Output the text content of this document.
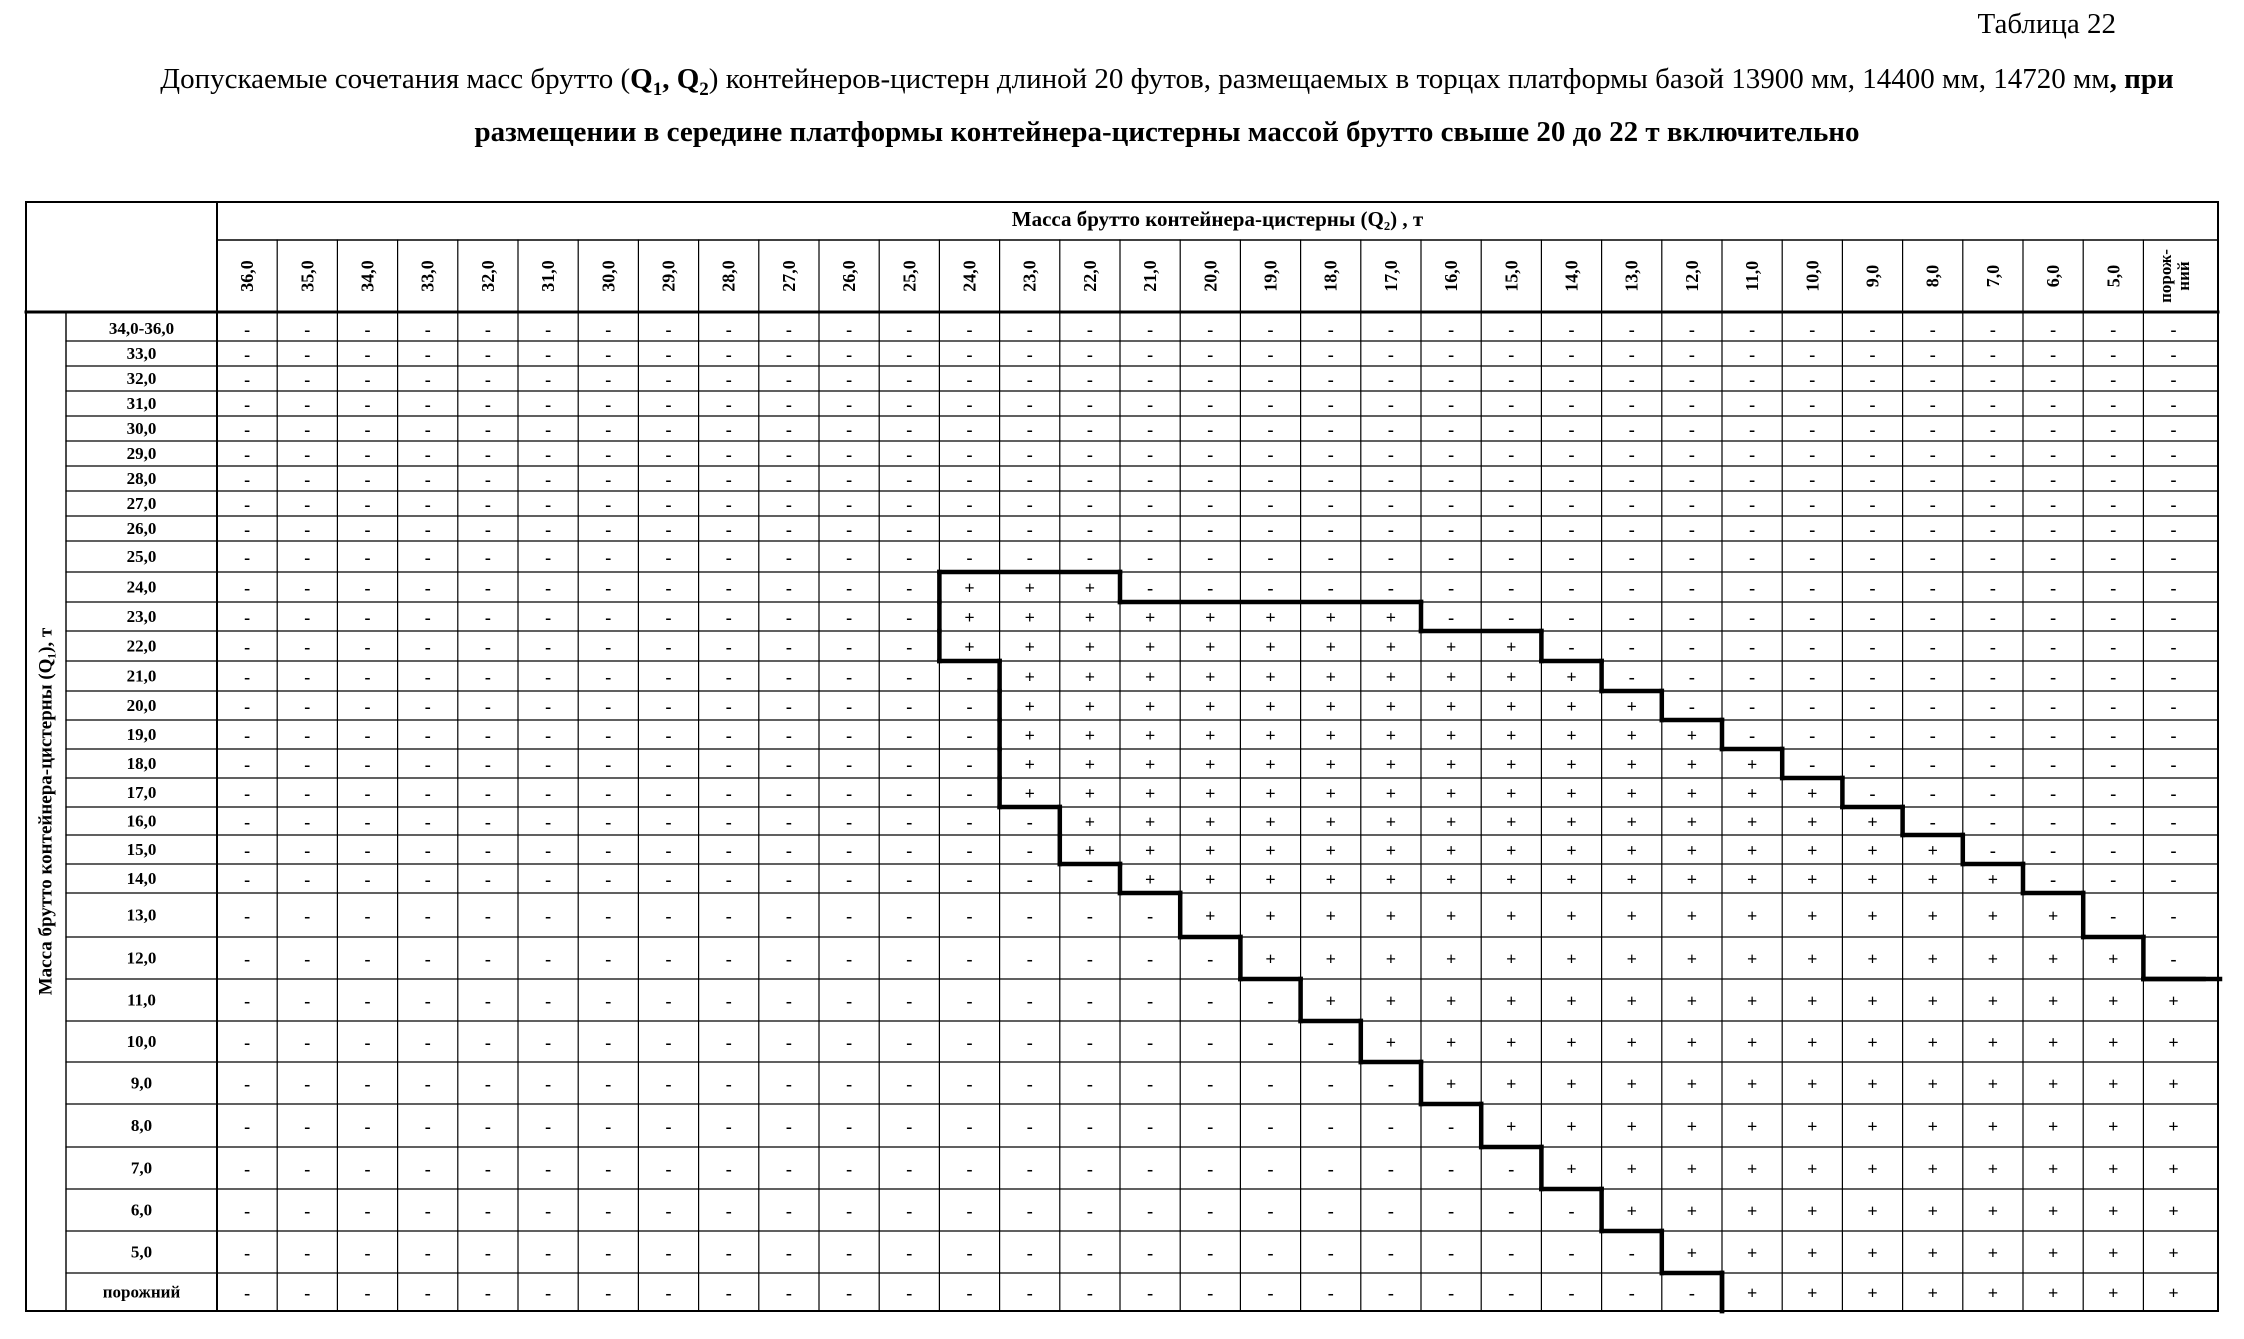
Таблица 22
Допускаемые сочетания масс брутто ($Q_1$, $Q_2$) контейнеров-цистерн длиной 20 футов, размещаемых в торцах платформы базой 13900 мм, 14400 мм, 14720 мм, при размещении в середине платформы контейнера-цистерны массой брутто свыше 20 до 22 т включительно
Масса брутто контейнера-цистерны (Q₂) , т
36,0 35,0 34,0 33,0 32,0 31,0 30,0 29,0 28,0 27,0 26,0 25,0 24,0 23,0 22,0 21,0 20,0 19,0 18,0 17,0 16,0 15,0 14,0 13,0 12,0 11,0 10,0 9,0 8,0 7,0 6,0 5,0 порож- ний
Масса брутто контейнера-цистерны (Q₁), т
34,0-36,0	-	-	-	-	-	-	-	-	-	-	-	-	-	-	-	-	-	-	-	-	-	-	-	-	-	-	-	-	-	-	-	-	-
33,0	-	-	-	-	-	-	-	-	-	-	-	-	-	-	-	-	-	-	-	-	-	-	-	-	-	-	-	-	-	-	-	-	-
32,0	-	-	-	-	-	-	-	-	-	-	-	-	-	-	-	-	-	-	-	-	-	-	-	-	-	-	-	-	-	-	-	-	-
31,0	-	-	-	-	-	-	-	-	-	-	-	-	-	-	-	-	-	-	-	-	-	-	-	-	-	-	-	-	-	-	-	-	-
30,0	-	-	-	-	-	-	-	-	-	-	-	-	-	-	-	-	-	-	-	-	-	-	-	-	-	-	-	-	-	-	-	-	-
29,0	-	-	-	-	-	-	-	-	-	-	-	-	-	-	-	-	-	-	-	-	-	-	-	-	-	-	-	-	-	-	-	-	-
28,0	-	-	-	-	-	-	-	-	-	-	-	-	-	-	-	-	-	-	-	-	-	-	-	-	-	-	-	-	-	-	-	-	-
27,0	-	-	-	-	-	-	-	-	-	-	-	-	-	-	-	-	-	-	-	-	-	-	-	-	-	-	-	-	-	-	-	-	-
26,0	-	-	-	-	-	-	-	-	-	-	-	-	-	-	-	-	-	-	-	-	-	-	-	-	-	-	-	-	-	-	-	-	-
25,0	-	-	-	-	-	-	-	-	-	-	-	-	-	-	-	-	-	-	-	-	-	-	-	-	-	-	-	-	-	-	-	-	-
24,0	-	-	-	-	-	-	-	-	-	-	-	-	+	+	+	-	-	-	-	-	-	-	-	-	-	-	-	-	-	-	-	-	-
23,0	-	-	-	-	-	-	-	-	-	-	-	-	+	+	+	+	+	+	+	+	-	-	-	-	-	-	-	-	-	-	-	-	-
22,0	-	-	-	-	-	-	-	-	-	-	-	-	+	+	+	+	+	+	+	+	+	+	-	-	-	-	-	-	-	-	-	-	-
21,0	-	-	-	-	-	-	-	-	-	-	-	-	-	+	+	+	+	+	+	+	+	+	+	-	-	-	-	-	-	-	-	-	-
20,0	-	-	-	-	-	-	-	-	-	-	-	-	-	+	+	+	+	+	+	+	+	+	+	+	-	-	-	-	-	-	-	-	-
19,0	-	-	-	-	-	-	-	-	-	-	-	-	-	+	+	+	+	+	+	+	+	+	+	+	+	-	-	-	-	-	-	-	-
18,0	-	-	-	-	-	-	-	-	-	-	-	-	-	+	+	+	+	+	+	+	+	+	+	+	+	+	-	-	-	-	-	-	-
17,0	-	-	-	-	-	-	-	-	-	-	-	-	-	+	+	+	+	+	+	+	+	+	+	+	+	+	+	-	-	-	-	-	-
16,0	-	-	-	-	-	-	-	-	-	-	-	-	-	-	+	+	+	+	+	+	+	+	+	+	+	+	+	+	-	-	-	-	-
15,0	-	-	-	-	-	-	-	-	-	-	-	-	-	-	+	+	+	+	+	+	+	+	+	+	+	+	+	+	+	-	-	-	-
14,0	-	-	-	-	-	-	-	-	-	-	-	-	-	-	-	+	+	+	+	+	+	+	+	+	+	+	+	+	+	+	-	-	-
13,0	-	-	-	-	-	-	-	-	-	-	-	-	-	-	-	-	+	+	+	+	+	+	+	+	+	+	+	+	+	+	+	-	-
12,0	-	-	-	-	-	-	-	-	-	-	-	-	-	-	-	-	-	+	+	+	+	+	+	+	+	+	+	+	+	+	+	+	-
11,0	-	-	-	-	-	-	-	-	-	-	-	-	-	-	-	-	-	-	+	+	+	+	+	+	+	+	+	+	+	+	+	+	+
10,0	-	-	-	-	-	-	-	-	-	-	-	-	-	-	-	-	-	-	-	+	+	+	+	+	+	+	+	+	+	+	+	+	+
9,0	-	-	-	-	-	-	-	-	-	-	-	-	-	-	-	-	-	-	-	-	+	+	+	+	+	+	+	+	+	+	+	+	+
8,0	-	-	-	-	-	-	-	-	-	-	-	-	-	-	-	-	-	-	-	-	-	+	+	+	+	+	+	+	+	+	+	+	+
7,0	-	-	-	-	-	-	-	-	-	-	-	-	-	-	-	-	-	-	-	-	-	-	+	+	+	+	+	+	+	+	+	+	+
6,0	-	-	-	-	-	-	-	-	-	-	-	-	-	-	-	-	-	-	-	-	-	-	-	+	+	+	+	+	+	+	+	+	+
5,0	-	-	-	-	-	-	-	-	-	-	-	-	-	-	-	-	-	-	-	-	-	-	-	-	+	+	+	+	+	+	+	+	+
порожний	-	-	-	-	-	-	-	-	-	-	-	-	-	-	-	-	-	-	-	-	-	-	-	-	-	+	+	+	+	+	+	+	+
